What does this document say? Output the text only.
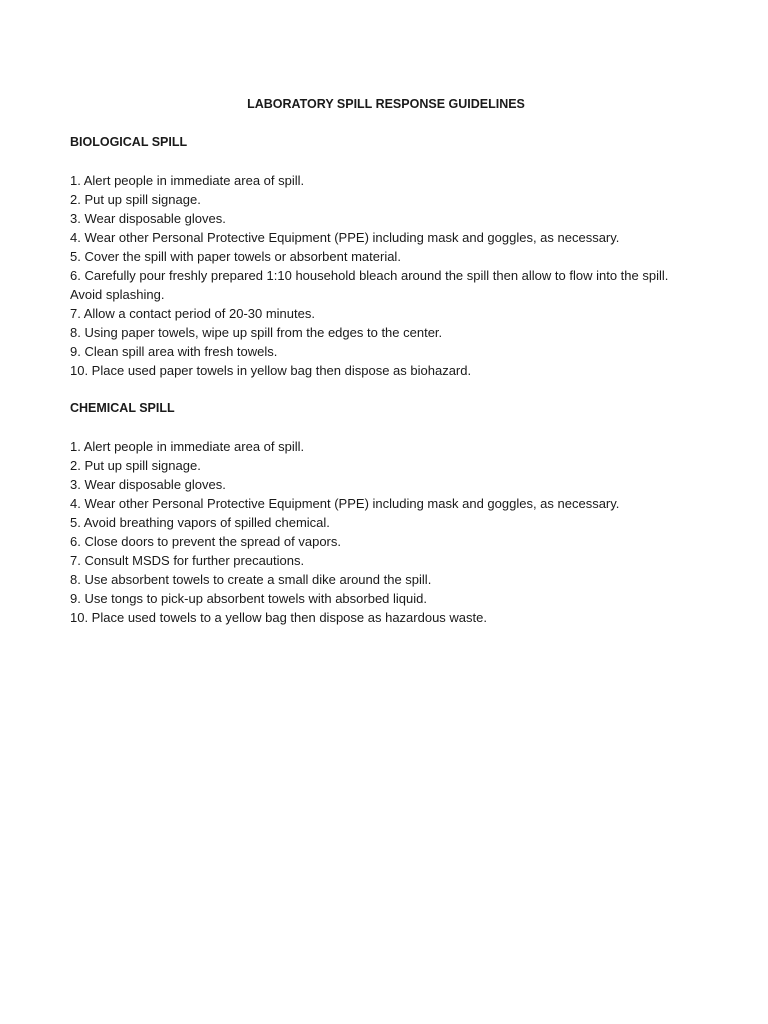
LABORATORY SPILL RESPONSE GUIDELINES
BIOLOGICAL SPILL
1. Alert people in immediate area of spill.
2. Put up spill signage.
3. Wear disposable gloves.
4. Wear other Personal Protective Equipment (PPE) including mask and goggles, as necessary.
5. Cover the spill with paper towels or absorbent material.
6. Carefully pour freshly prepared 1:10 household bleach around the spill then allow to flow into the spill. Avoid splashing.
7. Allow a contact period of 20-30 minutes.
8. Using paper towels, wipe up spill from the edges to the center.
9. Clean spill area with fresh towels.
10. Place used paper towels in yellow bag then dispose as biohazard.
CHEMICAL SPILL
1. Alert people in immediate area of spill.
2. Put up spill signage.
3. Wear disposable gloves.
4. Wear other Personal Protective Equipment (PPE) including mask and goggles, as necessary.
5. Avoid breathing vapors of spilled chemical.
6. Close doors to prevent the spread of vapors.
7. Consult MSDS for further precautions.
8. Use absorbent towels to create a small dike around the spill.
9. Use tongs to pick-up absorbent towels with absorbed liquid.
10. Place used towels to a yellow bag then dispose as hazardous waste.
